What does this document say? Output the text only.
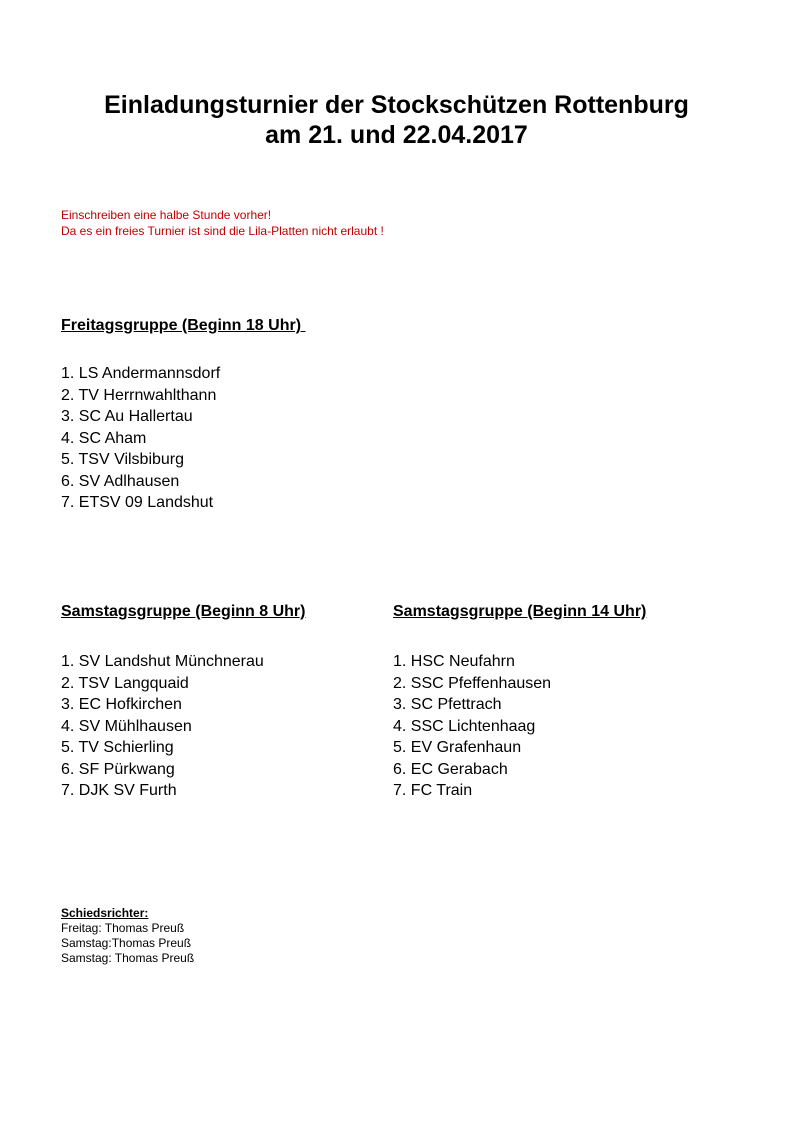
Einladungsturnier der Stockschützen Rottenburg
am 21. und 22.04.2017
Einschreiben eine halbe Stunde vorher!
Da es ein freies Turnier ist sind die Lila-Platten nicht erlaubt !
Freitagsgruppe (Beginn 18 Uhr)
1. LS Andermannsdorf
2. TV Herrnwahlthann
3. SC Au Hallertau
4. SC Aham
5. TSV Vilsbiburg
6. SV Adlhausen
7. ETSV 09 Landshut
Samstagsgruppe (Beginn 8 Uhr)
1. SV Landshut Münchnerau
2. TSV Langquaid
3. EC Hofkirchen
4. SV Mühlhausen
5. TV Schierling
6. SF Pürkwang
7. DJK SV Furth
Samstagsgruppe (Beginn 14 Uhr)
1. HSC Neufahrn
2. SSC Pfeffenhausen
3. SC Pfettrach
4. SSC Lichtenhaag
5. EV Grafenhaun
6. EC Gerabach
7. FC Train
Schiedsrichter:
Freitag: Thomas Preuß
Samstag:Thomas Preuß
Samstag: Thomas Preuß
